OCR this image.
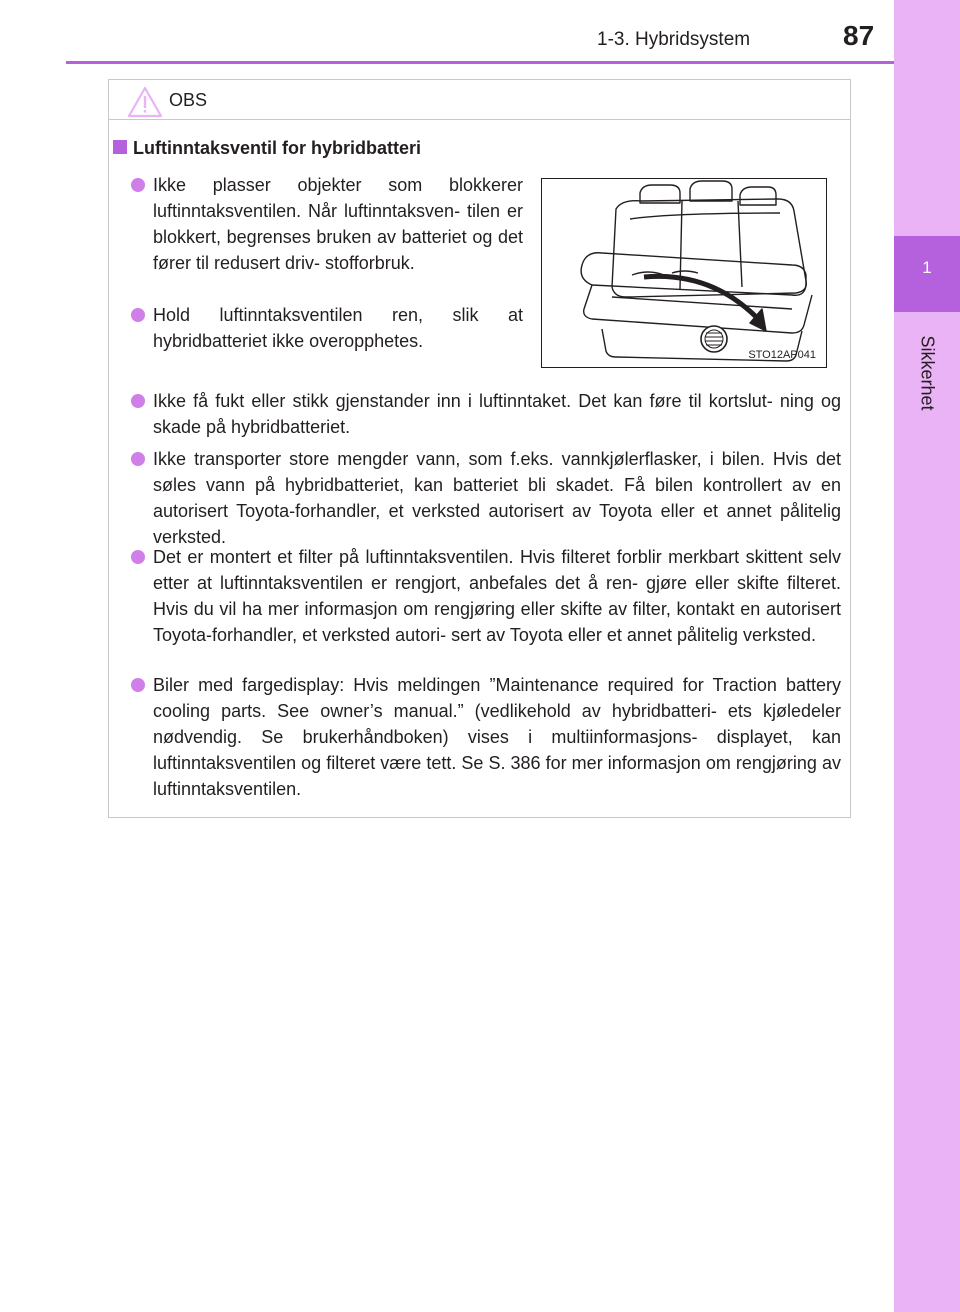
1
Sikkerhet
1-3. Hybridsystem	87
OBS
Luftinntaksventil for hybridbatteri
Ikke plasser objekter som blokkerer luftinntaksventilen. Når luftinntaksven- tilen er blokkert, begrenses bruken av batteriet og det fører til redusert driv- stofforbruk.
Hold luftinntaksventilen ren, slik at hybridbatteriet ikke overopphetes.
STO12AP041
Ikke få fukt eller stikk gjenstander inn i luftinntaket. Det kan føre til kortslut- ning og skade på hybridbatteriet.
Ikke transporter store mengder vann, som f.eks. vannkjølerflasker, i bilen. Hvis det søles vann på hybridbatteriet, kan batteriet bli skadet. Få bilen kontrollert av en autorisert Toyota-forhandler, et verksted autorisert av Toyota eller et annet pålitelig verksted.
Det er montert et filter på luftinntaksventilen. Hvis filteret forblir merkbart skittent selv etter at luftinntaksventilen er rengjort, anbefales det å ren- gjøre eller skifte filteret. Hvis du vil ha mer informasjon om rengjøring eller skifte av filter, kontakt en autorisert Toyota-forhandler, et verksted autori- sert av Toyota eller et annet pålitelig verksted.
Biler med fargedisplay: Hvis meldingen ”Maintenance required for Traction battery cooling parts. See owner’s manual.” (vedlikehold av hybridbatteri- ets kjøledeler nødvendig. Se brukerhåndboken) vises i multiinformasjons- displayet, kan luftinntaksventilen og filteret være tett. Se S. 386 for mer informasjon om rengjøring av luftinntaksventilen.
